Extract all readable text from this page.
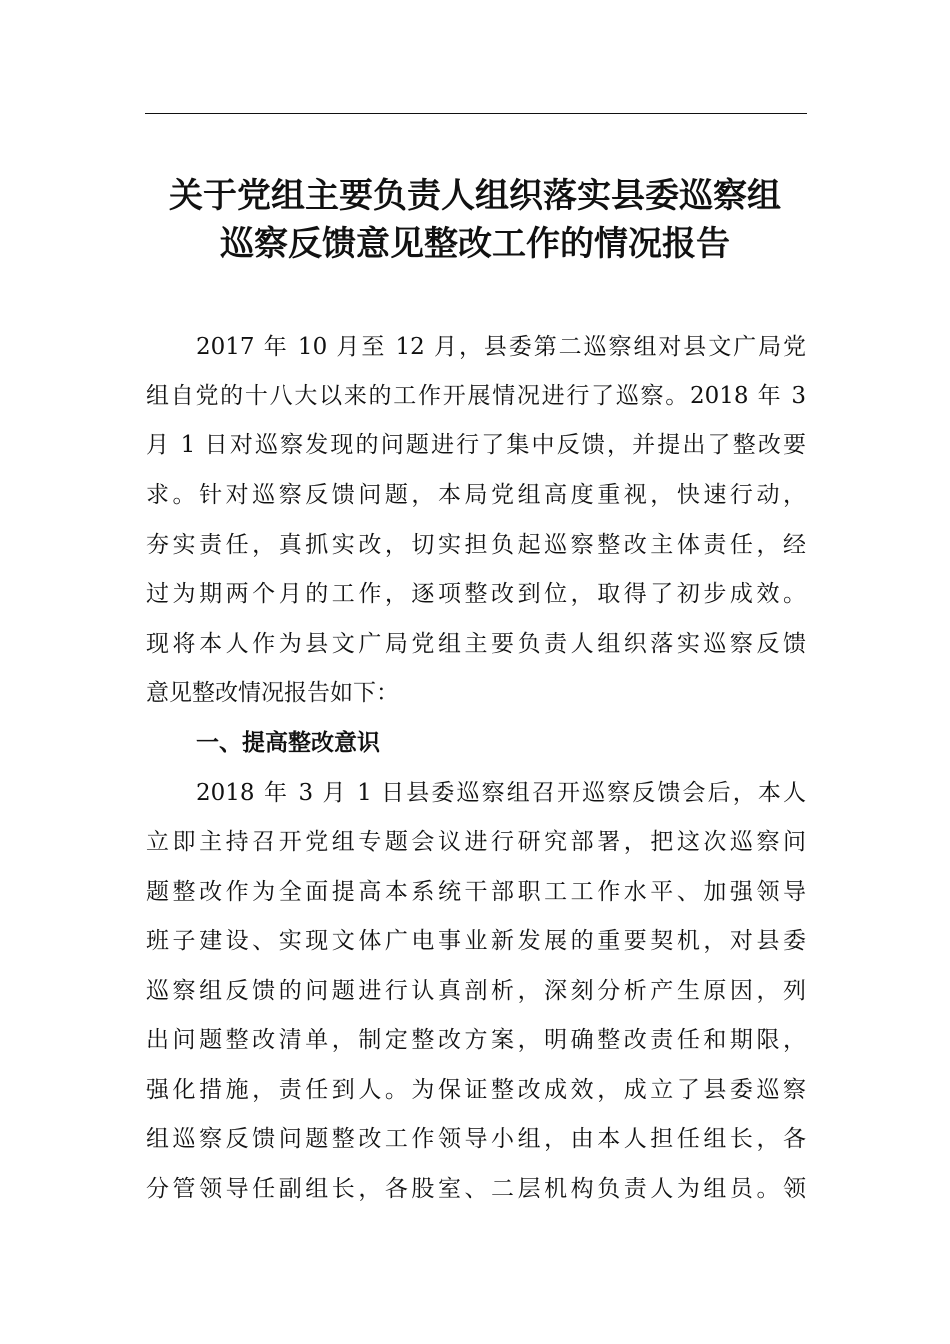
关于党组主要负责人组织落实县委巡察组
巡察反馈意见整改工作的情况报告

2017 年 10 月至 12 月，县委第二巡察组对县文广局党

组自党的十八大以来的工作开展情况进行了巡察。2018 年 3

月 1 日对巡察发现的问题进行了集中反馈，并提出了整改要

求。针对巡察反馈问题，本局党组高度重视，快速行动，

夯实责任，真抓实改，切实担负起巡察整改主体责任，经

过为期两个月的工作，逐项整改到位，取得了初步成效。

现将本人作为县文广局党组主要负责人组织落实巡察反馈

意见整改情况报告如下：

一、提高整改意识

2018 年 3 月 1 日县委巡察组召开巡察反馈会后，本人

立即主持召开党组专题会议进行研究部署，把这次巡察问

题整改作为全面提高本系统干部职工工作水平、加强领导

班子建设、实现文体广电事业新发展的重要契机，对县委

巡察组反馈的问题进行认真剖析，深刻分析产生原因，列

出问题整改清单，制定整改方案，明确整改责任和期限，

强化措施，责任到人。为保证整改成效，成立了县委巡察

组巡察反馈问题整改工作领导小组，由本人担任组长，各

分管领导任副组长，各股室、二层机构负责人为组员。领
